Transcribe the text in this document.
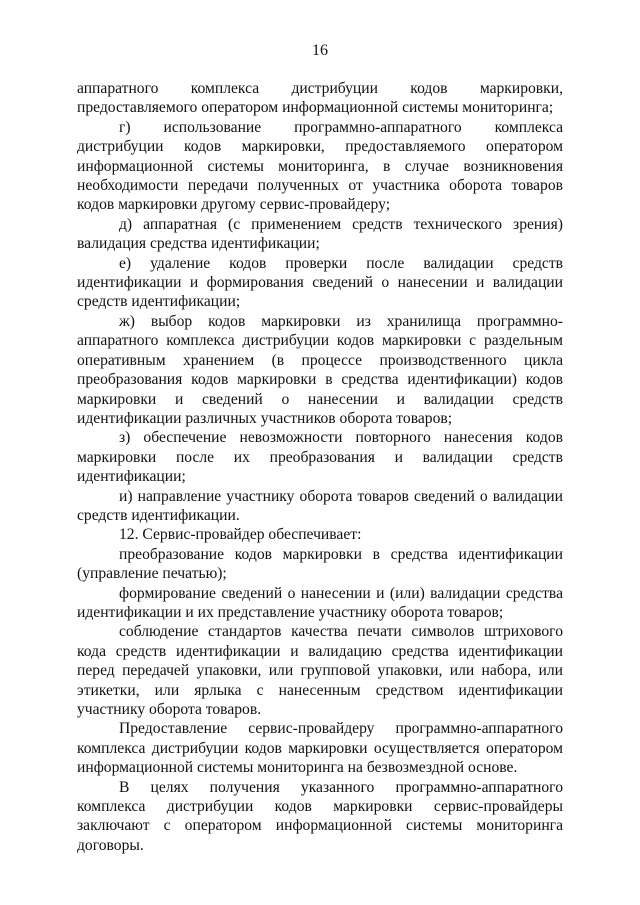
16

аппаратного комплекса дистрибуции кодов маркировки, предоставляемого оператором информационной системы мониторинга;

г) использование программно-аппаратного комплекса дистрибуции кодов маркировки, предоставляемого оператором информационной системы мониторинга, в случае возникновения необходимости передачи полученных от участника оборота товаров кодов маркировки другому сервис-провайдеру;

д) аппаратная (с применением средств технического зрения) валидация средства идентификации;

е) удаление кодов проверки после валидации средств идентификации и формирования сведений о нанесении и валидации средств идентификации;

ж) выбор кодов маркировки из хранилища программно-аппаратного комплекса дистрибуции кодов маркировки с раздельным оперативным хранением (в процессе производственного цикла преобразования кодов маркировки в средства идентификации) кодов маркировки и сведений о нанесении и валидации средств идентификации различных участников оборота товаров;

з) обеспечение невозможности повторного нанесения кодов маркировки после их преобразования и валидации средств идентификации;

и) направление участнику оборота товаров сведений о валидации средств идентификации.

12. Сервис-провайдер обеспечивает:

преобразование кодов маркировки в средства идентификации (управление печатью);

формирование сведений о нанесении и (или) валидации средства идентификации и их представление участнику оборота товаров;

соблюдение стандартов качества печати символов штрихового кода средств идентификации и валидацию средства идентификации перед передачей упаковки, или групповой упаковки, или набора, или этикетки, или ярлыка с нанесенным средством идентификации участнику оборота товаров.

Предоставление сервис-провайдеру программно-аппаратного комплекса дистрибуции кодов маркировки осуществляется оператором информационной системы мониторинга на безвозмездной основе.

В целях получения указанного программно-аппаратного комплекса дистрибуции кодов маркировки сервис-провайдеры заключают с оператором информационной системы мониторинга договоры.
